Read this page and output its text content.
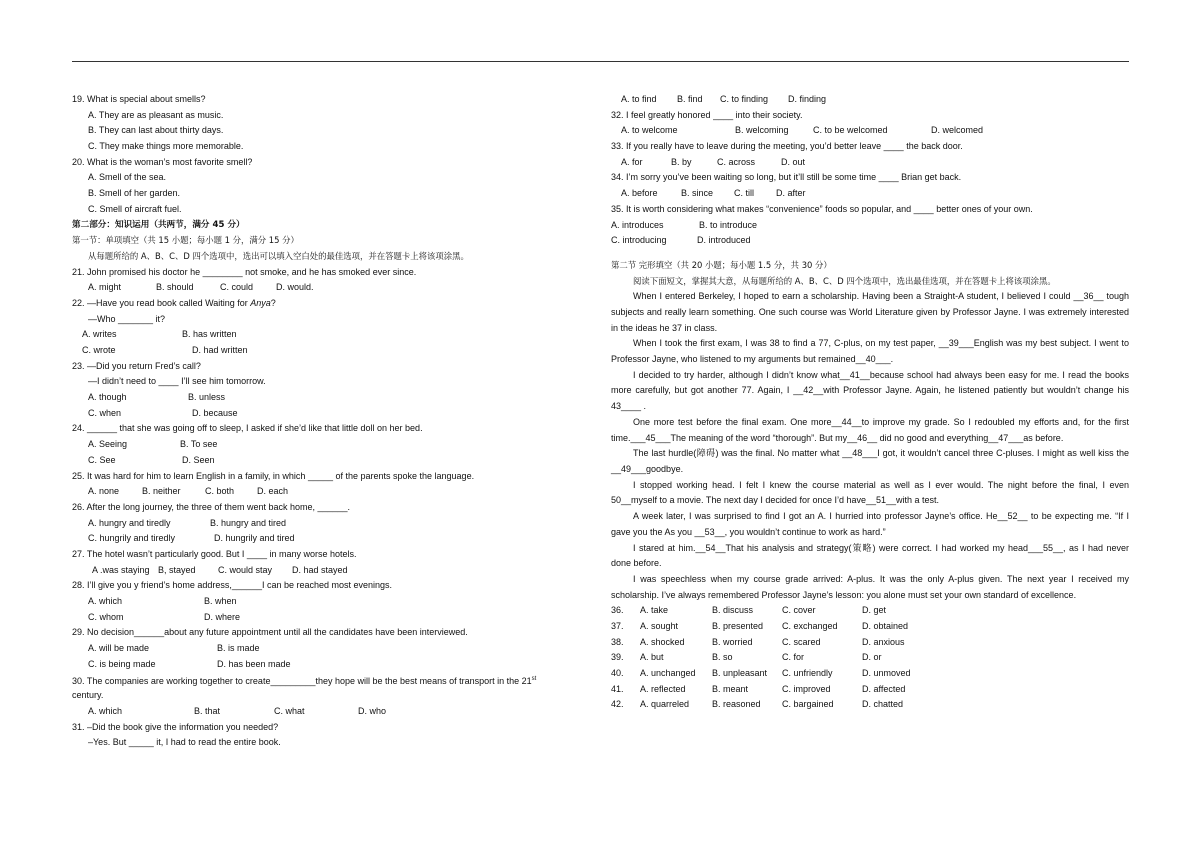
19. What is special about smells?
A. They are as pleasant as music.
B. They can last about thirty days.
C. They make things more memorable.
20. What is the woman’s most favorite smell?
A. Smell of the sea.
B. Smell of her garden.
C. Smell of aircraft fuel.
第二部分：知识运用（共两节，满分 45 分）
第一节：单项填空（共 15 小题；每小题 1 分，满分 15 分）
从每题所给的 A、B、C、D 四个选项中，选出可以填入空白处的最佳选项，并在答题卡上将该项涂黑。
21. John promised his doctor he ________ not smoke, and he has smoked ever since.
A. might	B. should	C. could	D. would.
22. —Have you read book called Waiting for Anya?
—Who _______ it?
A. writes	B. has written
C. wrote	D. had written
23. —Did you return Fred’s call?
—I didn’t need to ____ I’ll see him tomorrow.
A. though	B. unless
C. when	D. because
24. ______ that she was going off to sleep, I asked if she’d like that little doll on her bed.
A. Seeing	B. To see
C. See	D. Seen
25. It was hard for him to learn English in a family, in which _____ of the parents spoke the language.
A. none	B. neither	C. both	D. each
26. After the long journey, the three of them went back home, ______.
A. hungry and tiredly	B. hungry and tired
C. hungrily and tiredly	D. hungrily and tired
27. The hotel wasn’t particularly good. But I ____ in many worse hotels.
A .was staying B, stayed C. would stay D. had stayed
28. I’ll give you y friend’s home address,______I can be reached most evenings.
A. which	B. when
C. whom	D. where
29. No decision______about any future appointment until all the candidates have been interviewed.
A. will be made	B. is made
C. is being made	D. has been made
30. The companies are working together to create_________they hope will be the best means of transport in the 21st
century.
A. which	B. that	C. what	D. who
31. –Did the book give the information you needed?
–Yes. But _____ it, I had to read the entire book.
A. to find B. find C. to finding D. finding
32. I feel greatly honored ____ into their society.
A. to welcome	B. welcoming	C. to be welcomed	D. welcomed
33. If you really have to leave during the meeting, you’d better leave ____ the back door.
A. for	B. by	C. across	D. out
34. I’m sorry you’ve been waiting so long, but it’ll still be some time ____ Brian get back.
A. before	B. since C. till D. after
35. It is worth considering what makes “convenience” foods so popular, and ____ better ones of your own.
A. introduces	B. to introduce
C. introducing	D. introduced
第二节 完形填空（共 20 小题；每小题 1.5 分，共 30 分）

阅读下面短文，掌握其大意，从每题所给的 A、B、C、D 四个选项中，选出最佳选项，并在答题卡上将该项涂黑。

When I entered Berkeley, I hoped to earn a scholarship. Having been a Straight-A student, I believed I could __36__ tough subjects and really learn something. One such course was World Literature given by Professor Jayne. I was extremely interested in the ideas he 37 in class.

When I took the first exam, I was 38 to find a 77, C-plus, on my test paper, __39___English was my best subject. I went to Professor Jayne, who listened to my arguments but remained__40___.

I decided to try harder, although I didn’t know what__41__because school had always been easy for me. I read the books more carefully, but got another 77. Again, I __42__with Professor Jayne. Again, he listened patiently but wouldn’t change his 43____ .

One more test before the final exam. One more__44__to improve my grade. So I redoubled my efforts and, for the first time.___45___The meaning of the word “thorough”. But my__46__ did no good and everything__47___as before.

The last hurdle(障碍) was the final. No matter what __48___I got, it wouldn’t cancel three C-pluses. I might as well kiss the __49___goodbye.

I stopped working head. I felt I knew the course material as well as I ever would. The night before the final, I even 50__myself to a movie. The next day I decided for once I’d have__51__with a test.

A week later, I was surprised to find I got an A. I hurried into professor Jayne’s office. He__52__ to be expecting me. “If I gave you the As you __53__, you wouldn’t continue to work as hard.”

I stared at him.__54__That his analysis and strategy(策略) were correct. I had worked my head___55__, as I had never done before.

I was speechless when my course grade arrived: A-plus. It was the only A-plus given. The next year I received my scholarship. I’ve always remembered Professor Jayne’s lesson: you alone must set your own standard of excellence.

36. A. take	B. discuss	C. cover	D. get
37. A. sought	B. presented C. exchanged	D. obtained
38. A. shocked	B. worried	C. scared	D. anxious
39. A. but	B. so	C. for	D. or
40. A. unchanged B. unpleasant C. unfriendly	D. unmoved
41. A. reflected	B. meant	C. improved	D. affected
42. A. quarreled	B. reasoned C. bargained	D. chatted
